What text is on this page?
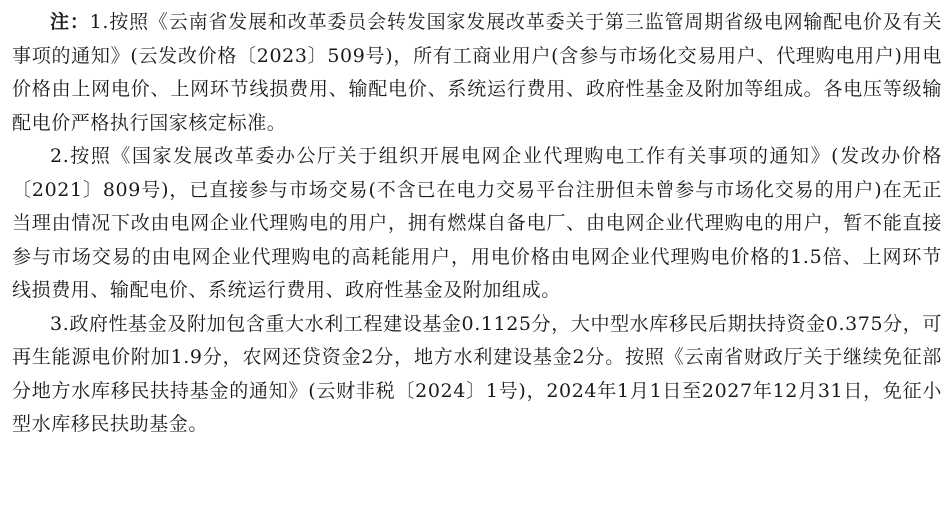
注：1.按照《云南省发展和改革委员会转发国家发展改革委关于第三监管周期省级电网输配电价及有关事项的通知》(云发改价格〔2023〕509号)，所有工商业用户(含参与市场化交易用户、代理购电用户)用电价格由上网电价、上网环节线损费用、输配电价、系统运行费用、政府性基金及附加等组成。各电压等级输配电价严格执行国家核定标准。

2.按照《国家发展改革委办公厅关于组织开展电网企业代理购电工作有关事项的通知》(发改办价格〔2021〕809号)，已直接参与市场交易(不含已在电力交易平台注册但未曾参与市场化交易的用户)在无正当理由情况下改由电网企业代理购电的用户，拥有燃煤自备电厂、由电网企业代理购电的用户，暂不能直接参与市场交易的由电网企业代理购电的高耗能用户，用电价格由电网企业代理购电价格的1.5倍、上网环节线损费用、输配电价、系统运行费用、政府性基金及附加组成。

3.政府性基金及附加包含重大水利工程建设基金0.1125分，大中型水库移民后期扶持资金0.375分，可再生能源电价附加1.9分，农网还贷资金2分，地方水利建设基金2分。按照《云南省财政厅关于继续免征部分地方水库移民扶持基金的通知》(云财非税〔2024〕1号)，2024年1月1日至2027年12月31日，免征小型水库移民扶助基金。
